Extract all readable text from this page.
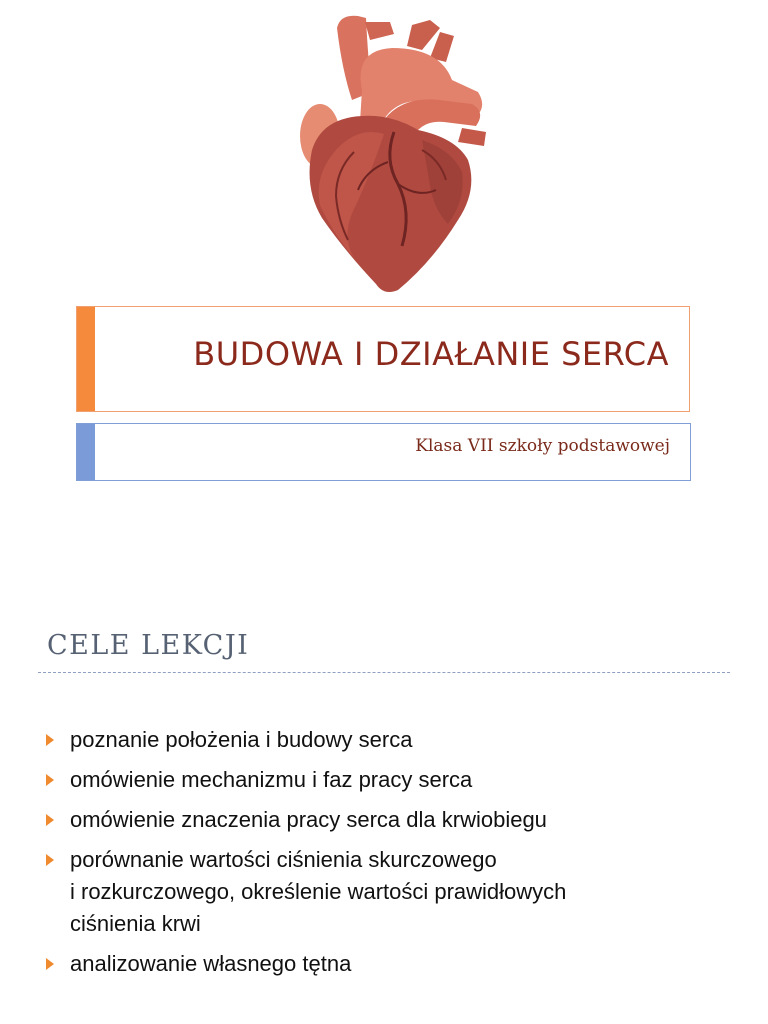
BUDOWA I DZIAŁANIE SERCA
Klasa VII szkoły podstawowej
CELE LEKCJI
poznanie położenia i budowy serca
omówienie mechanizmu i faz pracy serca
omówienie znaczenia pracy serca dla krwiobiegu
porównanie wartości ciśnienia skurczowego
i rozkurczowego, określenie wartości prawidłowych
ciśnienia krwi
analizowanie własnego tętna
